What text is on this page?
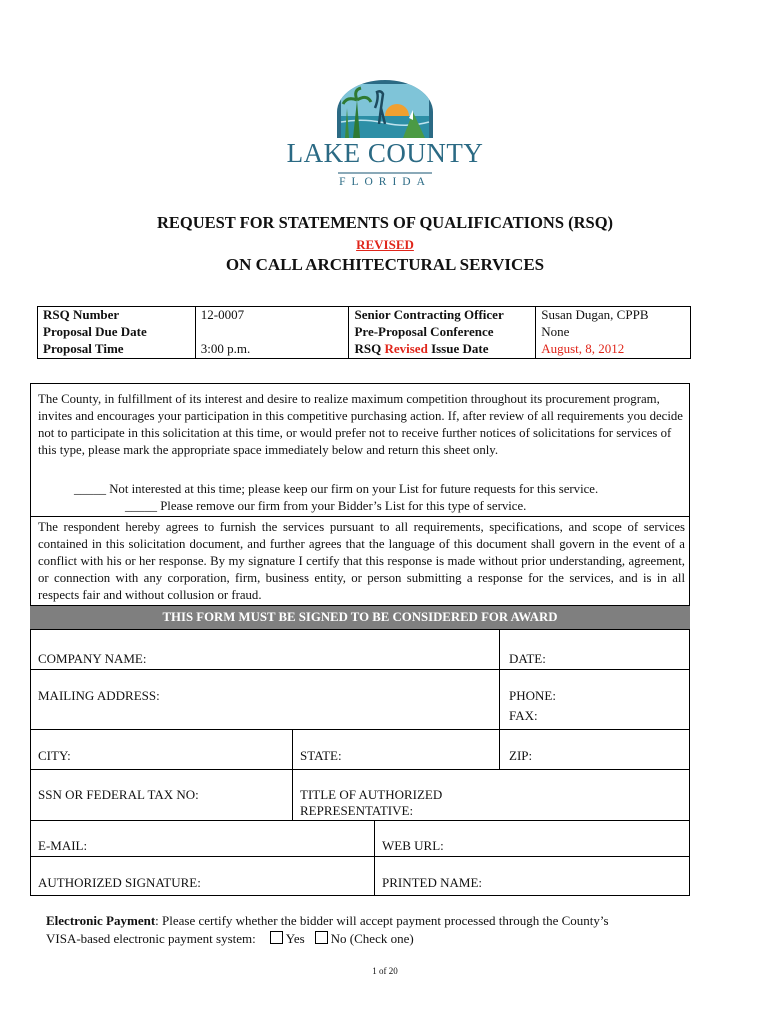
LAKE COUNTY
FLORIDA
REQUEST FOR STATEMENTS OF QUALIFICATIONS (RSQ)
REVISED
ON CALL ARCHITECTURAL SERVICES
RSQ Number	12-0007	Senior Contracting Officer	Susan Dugan, CPPB
Proposal Due Date		Pre-Proposal Conference	None
Proposal Time	3:00 p.m.	RSQ Revised Issue Date	August, 8, 2012
The County, in fulfillment of its interest and desire to realize maximum competition throughout its procurement program, invites and encourages your participation in this competitive purchasing action. If, after review of all requirements you decide not to participate in this solicitation at this time, or would prefer not to receive further notices of solicitations for services of this type, please mark the appropriate space immediately below and return this sheet only.
_____ Not interested at this time; please keep our firm on your List for future requests for this service.
_____ Please remove our firm from your Bidder’s List for this type of service.
The respondent hereby agrees to furnish the services pursuant to all requirements, specifications, and scope of services contained in this solicitation document, and further agrees that the language of this document shall govern in the event of a conflict with his or her response. By my signature I certify that this response is made without prior understanding, agreement, or connection with any corporation, firm, business entity, or person submitting a response for the services, and is in all respects fair and without collusion or fraud.
THIS FORM MUST BE SIGNED TO BE CONSIDERED FOR AWARD
COMPANY NAME:	DATE:
MAILING ADDRESS:	PHONE:
FAX:
CITY:	STATE:	ZIP:
SSN OR FEDERAL TAX NO:	TITLE OF AUTHORIZED
REPRESENTATIVE:
E-MAIL:	WEB URL:
AUTHORIZED SIGNATURE:	PRINTED NAME:
Electronic Payment: Please certify whether the bidder will accept payment processed through the County’s
VISA-based electronic payment system: Yes No (Check one)
1 of 20
